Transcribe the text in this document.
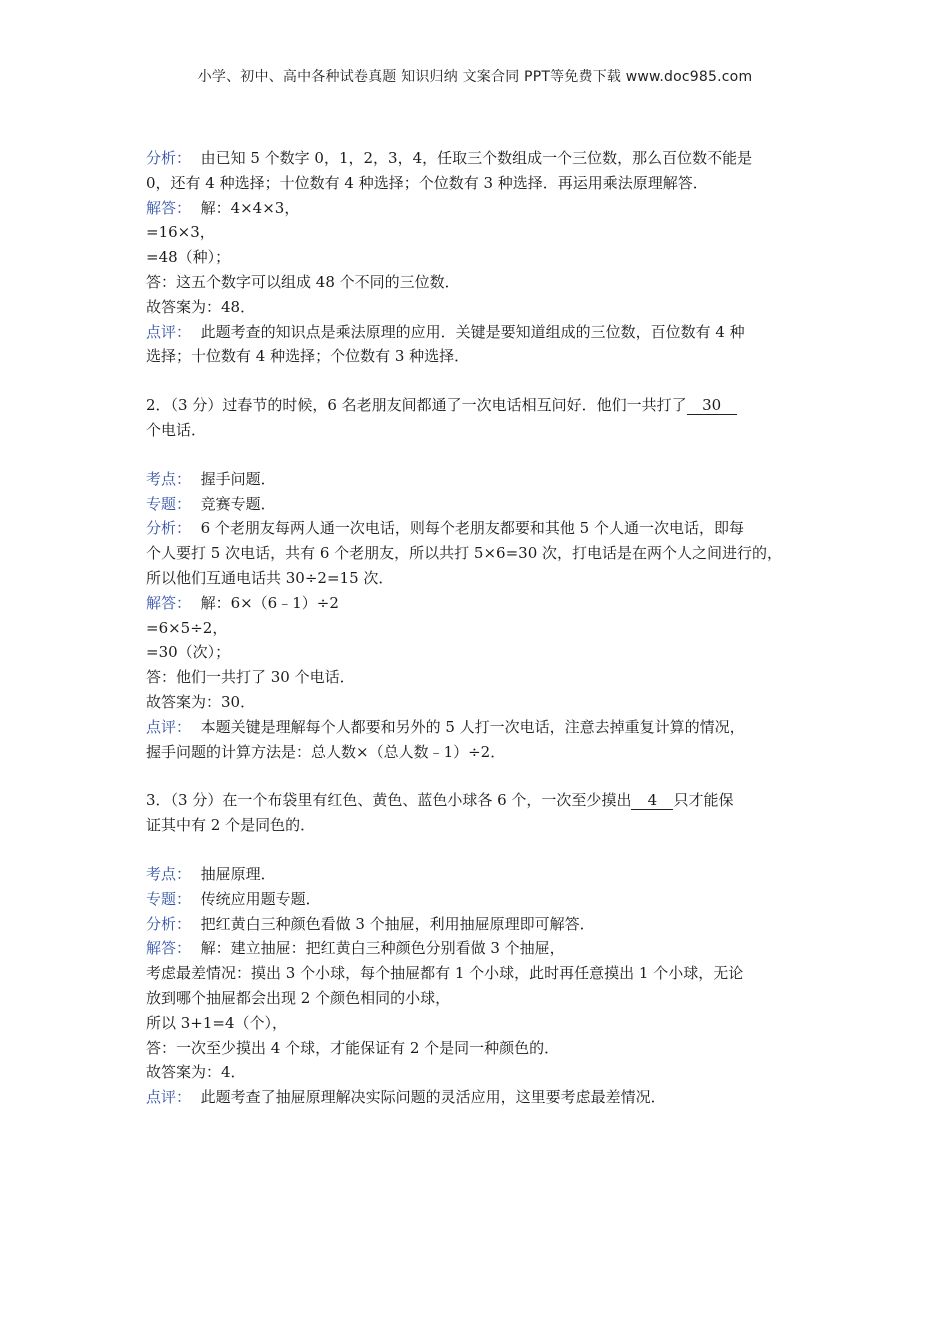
小学、初中、高中各种试卷真题 知识归纳 文案合同 PPT等免费下载 www.doc985.com
分析： 由已知 5 个数字 0，1，2，3，4，任取三个数组成一个三位数，那么百位数不能是
0，还有 4 种选择；十位数有 4 种选择；个位数有 3 种选择．再运用乘法原理解答．
解答： 解：4×4×3，
=16×3，
=48（种）；
答：这五个数字可以组成 48 个不同的三位数．
故答案为：48．
点评： 此题考查的知识点是乘法原理的应用．关键是要知道组成的三位数，百位数有 4 种
选择；十位数有 4 种选择；个位数有 3 种选择．
2．（3 分）过春节的时候，6 名老朋友间都通了一次电话相互问好．他们一共打了 30
个电话．
考点： 握手问题．
专题： 竞赛专题．
分析： 6 个老朋友每两人通一次电话，则每个老朋友都要和其他 5 个人通一次电话，即每
个人要打 5 次电话，共有 6 个老朋友，所以共打 5×6=30 次，打电话是在两个人之间进行的，
所以他们互通电话共 30÷2=15 次．
解答： 解：6×（6﹣1）÷2
=6×5÷2，
=30（次）；
答：他们一共打了 30 个电话．
故答案为：30．
点评： 本题关键是理解每个人都要和另外的 5 人打一次电话，注意去掉重复计算的情况，
握手问题的计算方法是：总人数×（总人数﹣1）÷2．
3．（3 分）在一个布袋里有红色、黄色、蓝色小球各 6 个，一次至少摸出 4 只才能保
证其中有 2 个是同色的．
考点： 抽屉原理．
专题： 传统应用题专题．
分析： 把红黄白三种颜色看做 3 个抽屉，利用抽屉原理即可解答．
解答： 解：建立抽屉：把红黄白三种颜色分别看做 3 个抽屉，
考虑最差情况：摸出 3 个小球，每个抽屉都有 1 个小球，此时再任意摸出 1 个小球，无论
放到哪个抽屉都会出现 2 个颜色相同的小球，
所以 3+1=4（个），
答：一次至少摸出 4 个球，才能保证有 2 个是同一种颜色的．
故答案为：4．
点评： 此题考查了抽屉原理解决实际问题的灵活应用，这里要考虑最差情况．
